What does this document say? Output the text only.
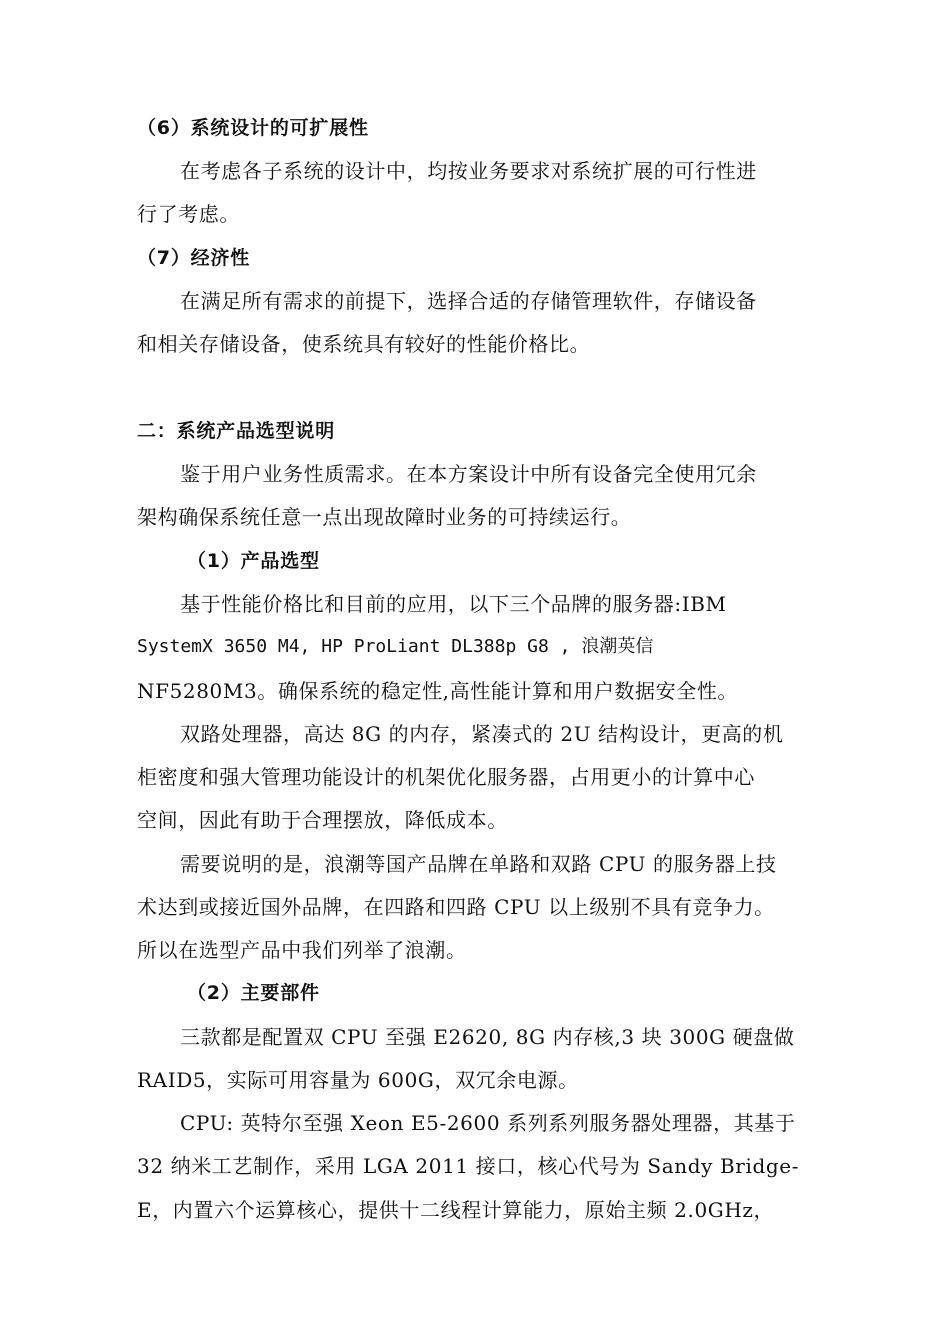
（6）系统设计的可扩展性
在考虑各子系统的设计中，均按业务要求对系统扩展的可行性进
行了考虑。
（7）经济性
在满足所有需求的前提下，选择合适的存储管理软件，存储设备
和相关存储设备，使系统具有较好的性能价格比。
二：系统产品选型说明
鉴于用户业务性质需求。在本方案设计中所有设备完全使用冗余
架构确保系统任意一点出现故障时业务的可持续运行。
（1）产品选型
基于性能价格比和目前的应用，以下三个品牌的服务器:IBM
SystemX 3650 M4, HP ProLiant DL388p G8 , 浪潮英信
NF5280M3。确保系统的稳定性,高性能计算和用户数据安全性。
双路处理器，高达 8G 的内存，紧凑式的 2U 结构设计，更高的机
柜密度和强大管理功能设计的机架优化服务器，占用更小的计算中心
空间，因此有助于合理摆放，降低成本。
需要说明的是，浪潮等国产品牌在单路和双路 CPU 的服务器上技
术达到或接近国外品牌，在四路和四路 CPU 以上级别不具有竞争力。
所以在选型产品中我们列举了浪潮。
（2）主要部件
三款都是配置双 CPU 至强 E2620, 8G 内存核,3 块 300G 硬盘做
RAID5，实际可用容量为 600G，双冗余电源。
CPU: 英特尔至强 Xeon E5-2600 系列系列服务器处理器，其基于
32 纳米工艺制作，采用 LGA 2011 接口，核心代号为 Sandy Bridge-
E，内置六个运算核心，提供十二线程计算能力，原始主频 2.0GHz，
